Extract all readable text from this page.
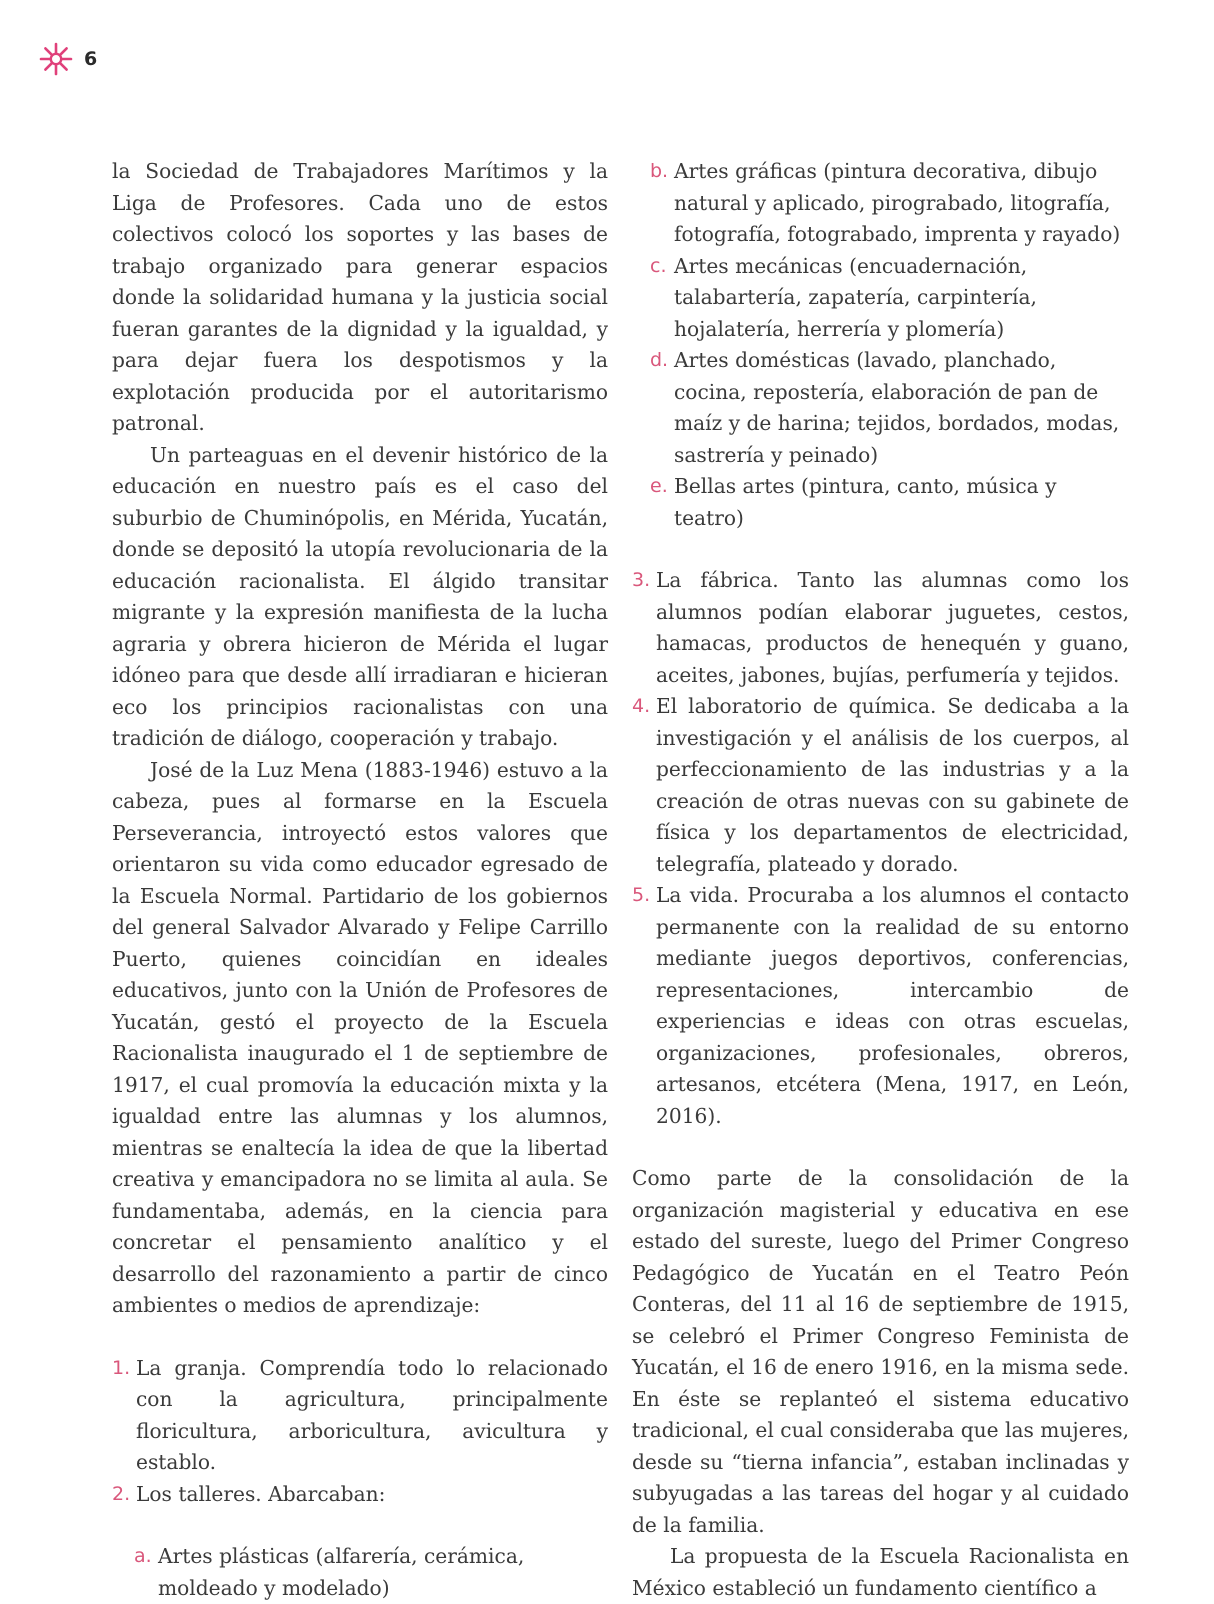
6

la Sociedad de Trabajadores Marítimos y la Liga de Profesores. Cada uno de estos colectivos colocó los soportes y las bases de trabajo organizado para generar espacios donde la solidaridad humana y la justicia social fueran garantes de la dignidad y la igualdad, y para dejar fuera los despotismos y la explotación producida por el autoritarismo patronal.

Un parteaguas en el devenir histórico de la educación en nuestro país es el caso del suburbio de Chuminópolis, en Mérida, Yucatán, donde se depositó la utopía revolucionaria de la educación racionalista. El álgido transitar migrante y la expresión manifiesta de la lucha agraria y obrera hicieron de Mérida el lugar idóneo para que desde allí irradiaran e hicieran eco los principios racionalistas con una tradición de diálogo, cooperación y trabajo.

José de la Luz Mena (1883-1946) estuvo a la cabeza, pues al formarse en la Escuela Perseverancia, introyectó estos valores que orientaron su vida como educador egresado de la Escuela Normal. Partidario de los gobiernos del general Salvador Alvarado y Felipe Carrillo Puerto, quienes coincidían en ideales educativos, junto con la Unión de Profesores de Yucatán, gestó el proyecto de la Escuela Racionalista inaugurado el 1 de septiembre de 1917, el cual promovía la educación mixta y la igualdad entre las alumnas y los alumnos, mientras se enaltecía la idea de que la libertad creativa y emancipadora no se limita al aula. Se fundamentaba, además, en la ciencia para concretar el pensamiento analítico y el desarrollo del razonamiento a partir de cinco ambientes o medios de aprendizaje:

1. La granja. Comprendía todo lo relacionado con la agricultura, principalmente floricultura, arboricultura, avicultura y establo.
2. Los talleres. Abarcaban:
a. Artes plásticas (alfarería, cerámica, moldeado y modelado)
b. Artes gráficas (pintura decorativa, dibujo natural y aplicado, pirograbado, litografía, fotografía, fotograbado, imprenta y rayado)
c. Artes mecánicas (encuadernación, talabartería, zapatería, carpintería, hojalatería, herrería y plomería)
d. Artes domésticas (lavado, planchado, cocina, repostería, elaboración de pan de maíz y de harina; tejidos, bordados, modas, sastrería y peinado)
e. Bellas artes (pintura, canto, música y teatro)
3. La fábrica. Tanto las alumnas como los alumnos podían elaborar juguetes, cestos, hamacas, productos de henequén y guano, aceites, jabones, bujías, perfumería y tejidos.
4. El laboratorio de química. Se dedicaba a la investigación y el análisis de los cuerpos, al perfeccionamiento de las industrias y a la creación de otras nuevas con su gabinete de física y los departamentos de electricidad, telegrafía, plateado y dorado.
5. La vida. Procuraba a los alumnos el contacto permanente con la realidad de su entorno mediante juegos deportivos, conferencias, representaciones, intercambio de experiencias e ideas con otras escuelas, organizaciones, profesionales, obreros, artesanos, etcétera (Mena, 1917, en León, 2016).

Como parte de la consolidación de la organización magisterial y educativa en ese estado del sureste, luego del Primer Congreso Pedagógico de Yucatán en el Teatro Peón Conteras, del 11 al 16 de septiembre de 1915, se celebró el Primer Congreso Feminista de Yucatán, el 16 de enero 1916, en la misma sede. En éste se replanteó el sistema educativo tradicional, el cual consideraba que las mujeres, desde su “tierna infancia”, estaban inclinadas y subyugadas a las tareas del hogar y al cuidado de la familia.

La propuesta de la Escuela Racionalista en México estableció un fundamento científico a
